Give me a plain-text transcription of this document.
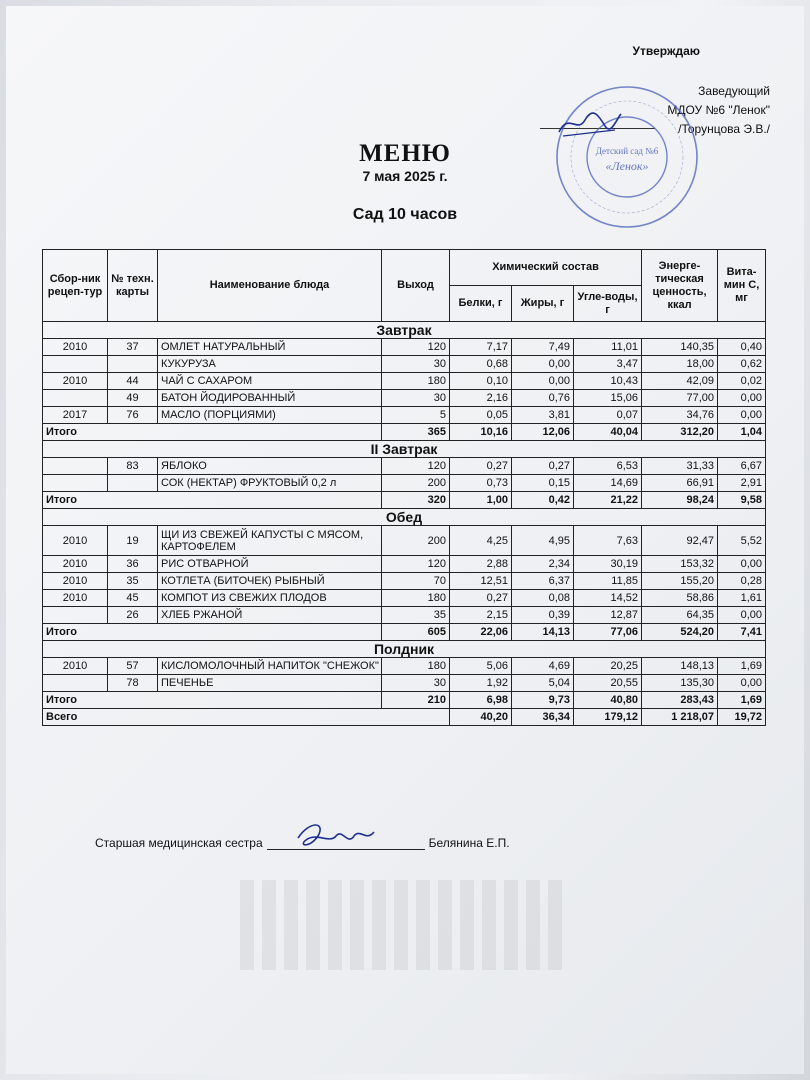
Утверждаю
Заведующий
МДОУ №6 "Ленок"
/Торунцова Э.В./
Детский сад №6
«Ленок»
МЕНЮ
7 мая 2025 г.
Сад 10 часов
Сбор-ник рецеп-тур	№ техн. карты	Наименование блюда	Выход	Химический состав			Энерге-тическая ценность, ккал	Вита-мин С, мг
				Белки, г	Жиры, г	Угле-воды, г		
Завтрак								
2010	37	ОМЛЕТ НАТУРАЛЬНЫЙ	120	7,17	7,49	11,01	140,35	0,40
		КУКУРУЗА	30	0,68	0,00	3,47	18,00	0,62
2010	44	ЧАЙ С САХАРОМ	180	0,10	0,00	10,43	42,09	0,02
	49	БАТОН ЙОДИРОВАННЫЙ	30	2,16	0,76	15,06	77,00	0,00
2017	76	МАСЛО (ПОРЦИЯМИ)	5	0,05	3,81	0,07	34,76	0,00
Итого			365	10,16	12,06	40,04	312,20	1,04
II Завтрак								
	83	ЯБЛОКО	120	0,27	0,27	6,53	31,33	6,67
		СОК (НЕКТАР) ФРУКТОВЫЙ 0,2 л	200	0,73	0,15	14,69	66,91	2,91
Итого			320	1,00	0,42	21,22	98,24	9,58
Обед								
2010	19	ЩИ ИЗ СВЕЖЕЙ КАПУСТЫ С МЯСОМ, КАРТОФЕЛЕМ	200	4,25	4,95	7,63	92,47	5,52
2010	36	РИС ОТВАРНОЙ	120	2,88	2,34	30,19	153,32	0,00
2010	35	КОТЛЕТА (БИТОЧЕК) РЫБНЫЙ	70	12,51	6,37	11,85	155,20	0,28
2010	45	КОМПОТ ИЗ СВЕЖИХ ПЛОДОВ	180	0,27	0,08	14,52	58,86	1,61
	26	ХЛЕБ РЖАНОЙ	35	2,15	0,39	12,87	64,35	0,00
Итого			605	22,06	14,13	77,06	524,20	7,41
Полдник								
2010	57	КИСЛОМОЛОЧНЫЙ НАПИТОК "СНЕЖОК"	180	5,06	4,69	20,25	148,13	1,69
	78	ПЕЧЕНЬЕ	30	1,92	5,04	20,55	135,30	0,00
Итого			210	6,98	9,73	40,80	283,43	1,69
Всего				40,20	36,34	179,12	1 218,07	19,72
Старшая медицинская сестра	Белянина Е.П.
